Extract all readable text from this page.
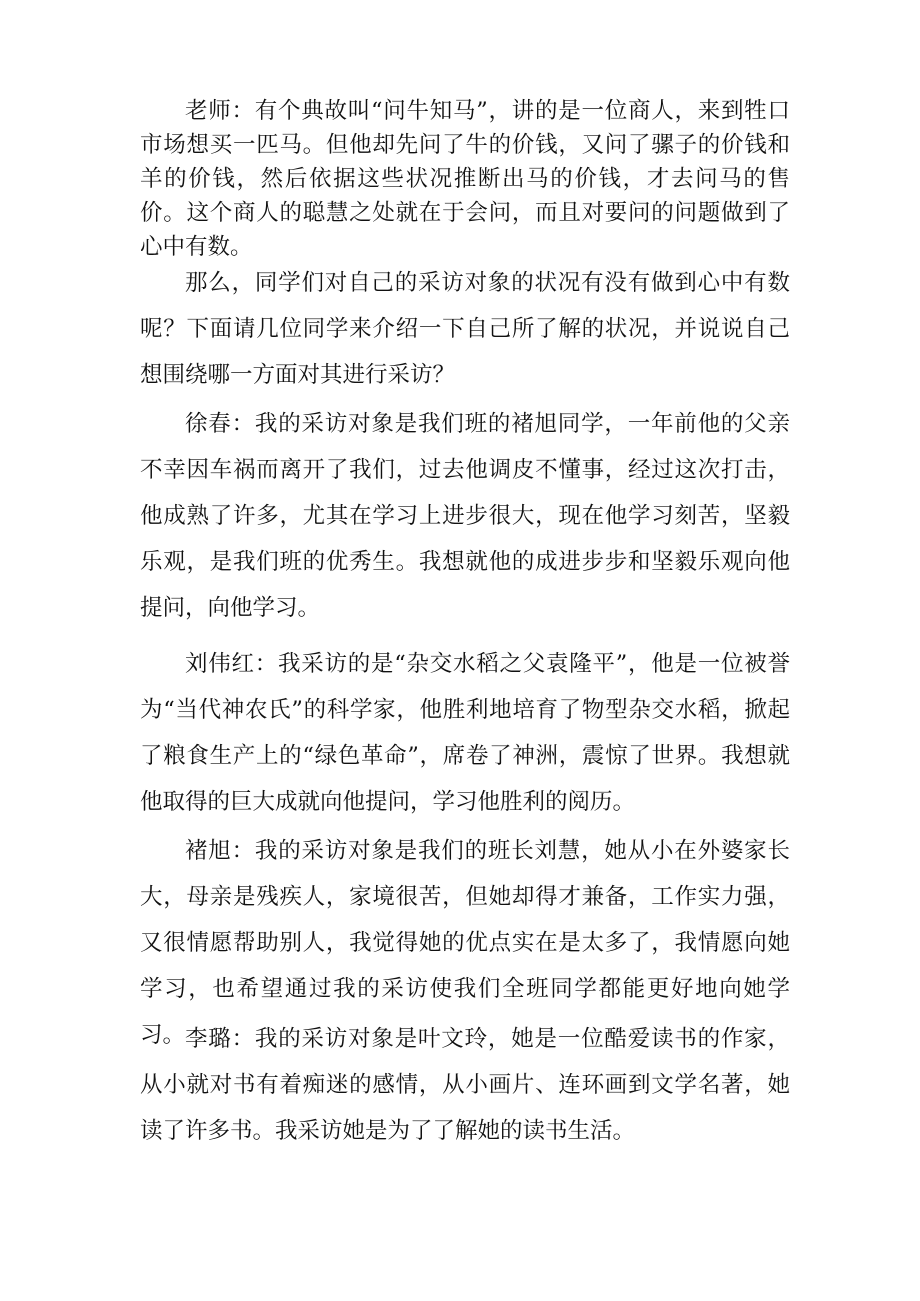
老师：有个典故叫“问牛知马”，讲的是一位商人，来到牲口市场想买一匹马。但他却先问了牛的价钱，又问了骡子的价钱和羊的价钱，然后依据这些状况推断出马的价钱，才去问马的售价。这个商人的聪慧之处就在于会问，而且对要问的问题做到了心中有数。

那么，同学们对自己的采访对象的状况有没有做到心中有数呢？下面请几位同学来介绍一下自己所了解的状况，并说说自己想围绕哪一方面对其进行采访？

徐春：我的采访对象是我们班的褚旭同学，一年前他的父亲不幸因车祸而离开了我们，过去他调皮不懂事，经过这次打击，他成熟了许多，尤其在学习上进步很大，现在他学习刻苦，坚毅乐观，是我们班的优秀生。我想就他的成进步步和坚毅乐观向他提问，向他学习。

刘伟红：我采访的是“杂交水稻之父袁隆平”，他是一位被誉为“当代神农氏”的科学家，他胜利地培育了物型杂交水稻，掀起了粮食生产上的“绿色革命”，席卷了神洲，震惊了世界。我想就他取得的巨大成就向他提问，学习他胜利的阅历。

褚旭：我的采访对象是我们的班长刘慧，她从小在外婆家长大，母亲是残疾人，家境很苦，但她却得才兼备，工作实力强，又很情愿帮助别人，我觉得她的优点实在是太多了，我情愿向她学习，也希望通过我的采访使我们全班同学都能更好地向她学习。 李璐：我的采访对象是叶文玲，她是一位酷爱读书的作家，从小就对书有着痴迷的感情，从小画片、连环画到文学名著，她读了许多书。我采访她是为了了解她的读书生活。
